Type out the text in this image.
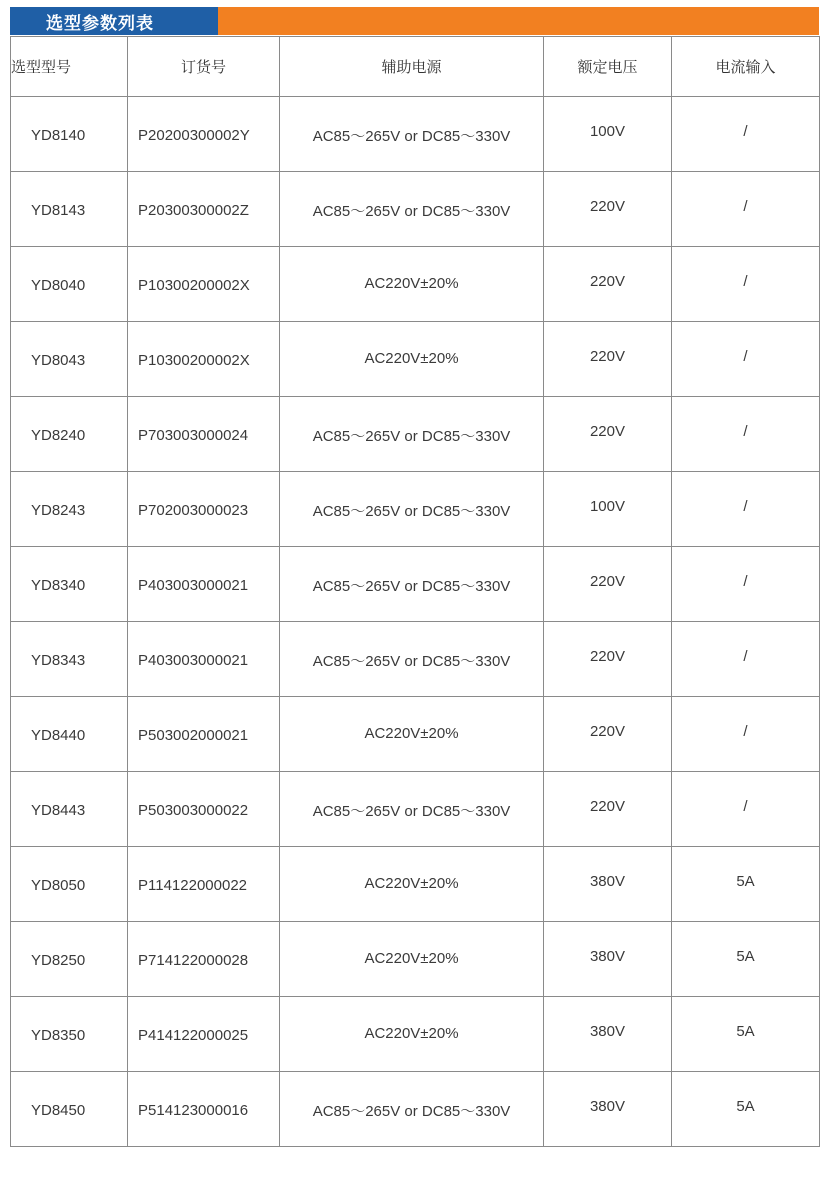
选型参数列表
选型型号	订货号	辅助电源	额定电压	电流输入

YD8140	P20200300002Y	AC85～265V or DC85～330V	100V	/

YD8143	P20300300002Z	AC85～265V or DC85～330V	220V	/

YD8040	P10300200002X	AC220V±20%	220V	/

YD8043	P10300200002X	AC220V±20%	220V	/

YD8240	P703003000024	AC85～265V or DC85～330V	220V	/

YD8243	P702003000023	AC85～265V or DC85～330V	100V	/

YD8340	P403003000021	AC85～265V or DC85～330V	220V	/

YD8343	P403003000021	AC85～265V or DC85～330V	220V	/

YD8440	P503002000021	AC220V±20%	220V	/

YD8443	P503003000022	AC85～265V or DC85～330V	220V	/

YD8050	P114122000022	AC220V±20%	380V	5A

YD8250	P714122000028	AC220V±20%	380V	5A

YD8350	P414122000025	AC220V±20%	380V	5A

YD8450	P514123000016	AC85～265V or DC85～330V	380V	5A
